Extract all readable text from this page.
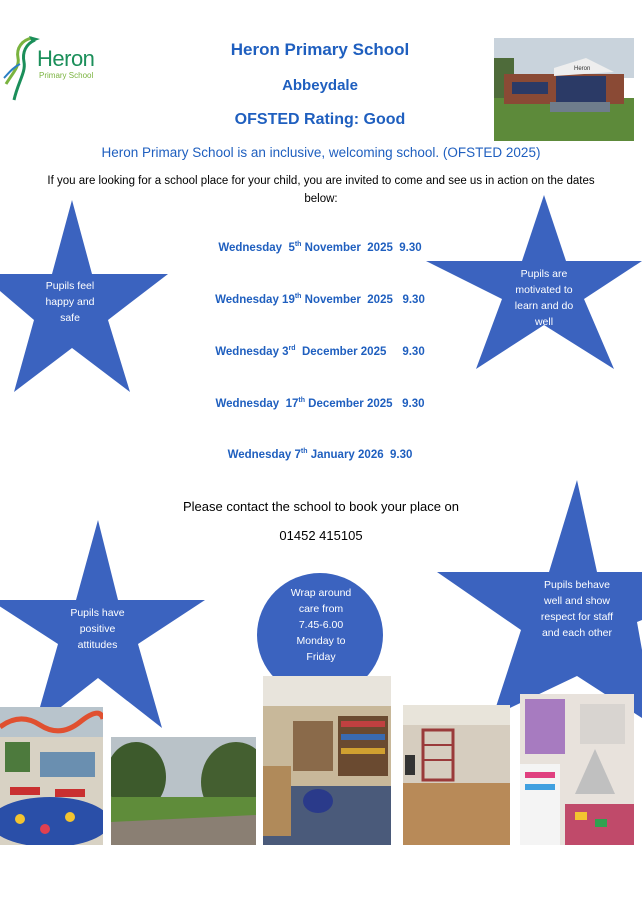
Heron
Primary School
Heron Primary School
Abbeydale
OFSTED Rating: Good
Heron
Heron Primary School is an inclusive, welcoming school. (OFSTED 2025)
If you are looking for a school place for your child, you are invited to come and see us in action on the dates below:
Wednesday 5th November  2025  9.30
Wednesday 19th November  2025   9.30
Wednesday 3rd December 2025     9.30
Wednesday 17th December 2025   9.30
Wednesday 7th January 2026  9.30
Please contact the school to book your place on
01452 415105
Pupils feel
happy and
safe
Pupils are
motivated to
learn and do
well
Pupils have
positive
attitudes
Pupils behave
well and show
respect for staff
and each other
Wrap around
care from
7.45-6.00
Monday to
Friday
